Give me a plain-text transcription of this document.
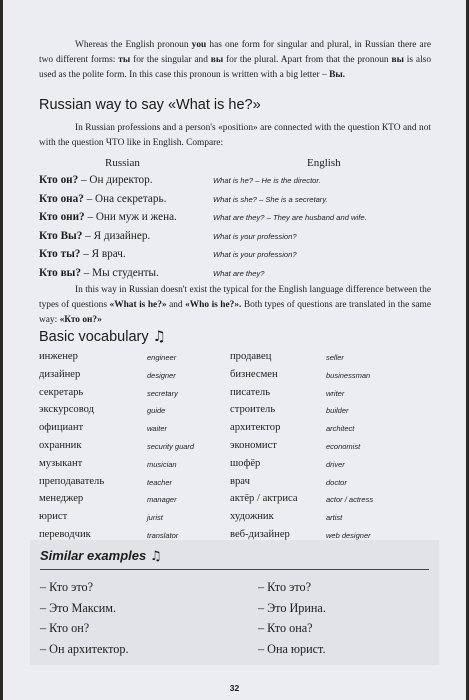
Whereas the English pronoun you has one form for singular and plural, in Russian there are two different forms: ты for the singular and вы for the plural. Apart from that the pronoun вы is also used as the polite form. In this case this pronoun is written with a big letter – Вы.

Russian way to say «What is he?»

In Russian professions and a person's «position» are connected with the question КТО and not with the question ЧТО like in English. Compare:

Russian	English
Кто он? – Он директор.	What is he? – He is the director.
Кто она? – Она секретарь.	What is she? – She is a secretary.
Кто они? – Они муж и жена.	What are they? – They are husband and wife.
Кто Вы? – Я дизайнер.	What is your profession?
Кто ты? – Я врач.	What is your profession?
Кто вы? – Мы студенты.	What are they?

In this way in Russian doesn't exist the typical for the English language difference between the types of questions «What is he?» and «Who is he?». Both types of questions are translated in the same way: «Кто он?»

Basic vocabulary ♫
инженер	engineer	продавец	seller
дизайнер	designer	бизнесмен	businessman
секретарь	secretary	писатель	writer
экскурсовод	guide	строитель	builder
официант	waiter	архитектор	architect
охранник	security guard	экономист	economist
музыкант	musician	шофёр	driver
преподаватель	teacher	врач	doctor
менеджер	manager	актёр / актриса	actor / actress
юрист	jurist	художник	artist
переводчик	translator	веб-дизайнер	web designer
Similar examples ♫
– Кто это?
– Это Максим.
– Кто он?
– Он архитектор.
– Кто это?
– Это Ирина.
– Кто она?
– Она юрист.
32
